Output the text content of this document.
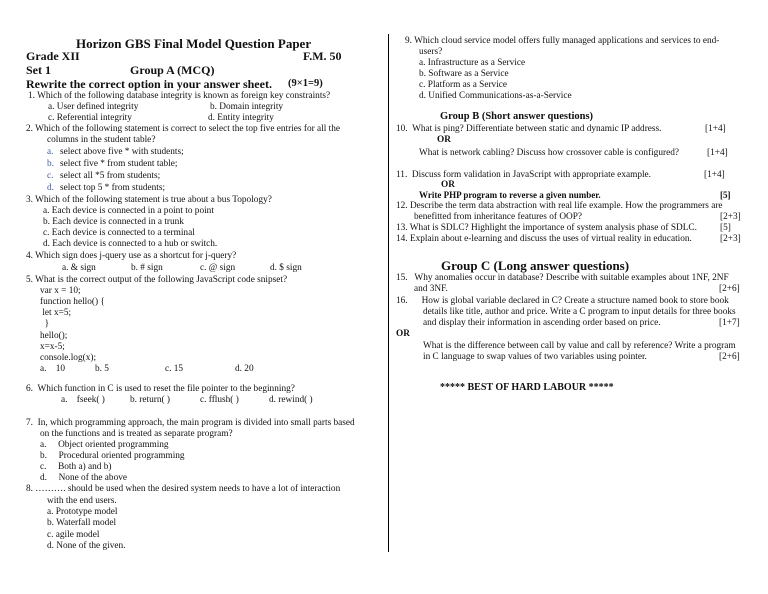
Horizon GBS Final Model Question Paper
Grade XII	F.M. 50
Set 1	Group A (MCQ)
Rewrite the correct option in your answer sheet. (9×1=9)
1. Which of the following database integrity is known as foreign key constraints?
a. User defined integrity	b. Domain integrity
c. Referential integrity	d. Entity integrity
2. Which of the following statement is correct to select the top five entries for all the
columns in the student table?
a. select above five * with students;
b. select five * from student table;
c. select all *5 from students;
d. select top 5 * from students;
3. Which of the following statement is true about a bus Topology?
a. Each device is connected in a point to point
b. Each device is connected in a trunk
c. Each device is connected to a terminal
d. Each device is connected to a hub or switch.
4. Which sign does j-query use as a shortcut for j-query?
a. & sign	b. # sign	c. @ sign	d. $ sign
5. What is the correct output of the following JavaScript code snipset?
var x = 10;
function hello() {
let x=5;
}
hello();
x=x-5;
console.log(x);
a.    10	b. 5	c. 15	d. 20
6.  Which function in C is used to reset the file pointer to the beginning?
a.    fseek( )	b. return( )	c. fflush( )	d. rewind( )
7.  In, which programming approach, the main program is divided into small parts based
on the functions and is treated as separate program?
a.     Object oriented programming
b.     Procedural oriented programming
c.     Both a) and b)
d.     None of the above
8. ………. should be used when the desired system needs to have a lot of interaction
with the end users.
a. Prototype model
b. Waterfall model
c. agile model
d. None of the given.
9. Which cloud service model offers fully managed applications and services to end-
users?
a. Infrastructure as a Service
b. Software as a Service
c. Platform as a Service
d. Unified Communications-as-a-Service
Group B (Short answer questions)
10.  What is ping? Differentiate between static and dynamic IP address.	[1+4]
OR
What is network cabling? Discuss how crossover cable is configured?	[1+4]
11.  Discuss form validation in JavaScript with appropriate example.	[1+4]
OR
Write PHP program to reverse a given number.	[5]
12. Describe the term data abstraction with real life example. How the programmers are
benefitted from inheritance features of OOP?	[2+3]
13. What is SDLC? Highlight the importance of system analysis phase of SDLC. [5]
14. Explain about e-learning and discuss the uses of virtual reality in education.	[2+3]
Group C (Long answer questions)
15.   Why anomalies occur in database? Describe with suitable examples about 1NF, 2NF
and 3NF.	[2+6]
16.      How is global variable declared in C? Create a structure named book to store book
details like title, author and price. Write a C program to input details for three books
and display their information in ascending order based on price.	[1+7]
OR
What is the difference between call by value and call by reference? Write a program
in C language to swap values of two variables using pointer.	[2+6]
***** BEST OF HARD LABOUR *****
